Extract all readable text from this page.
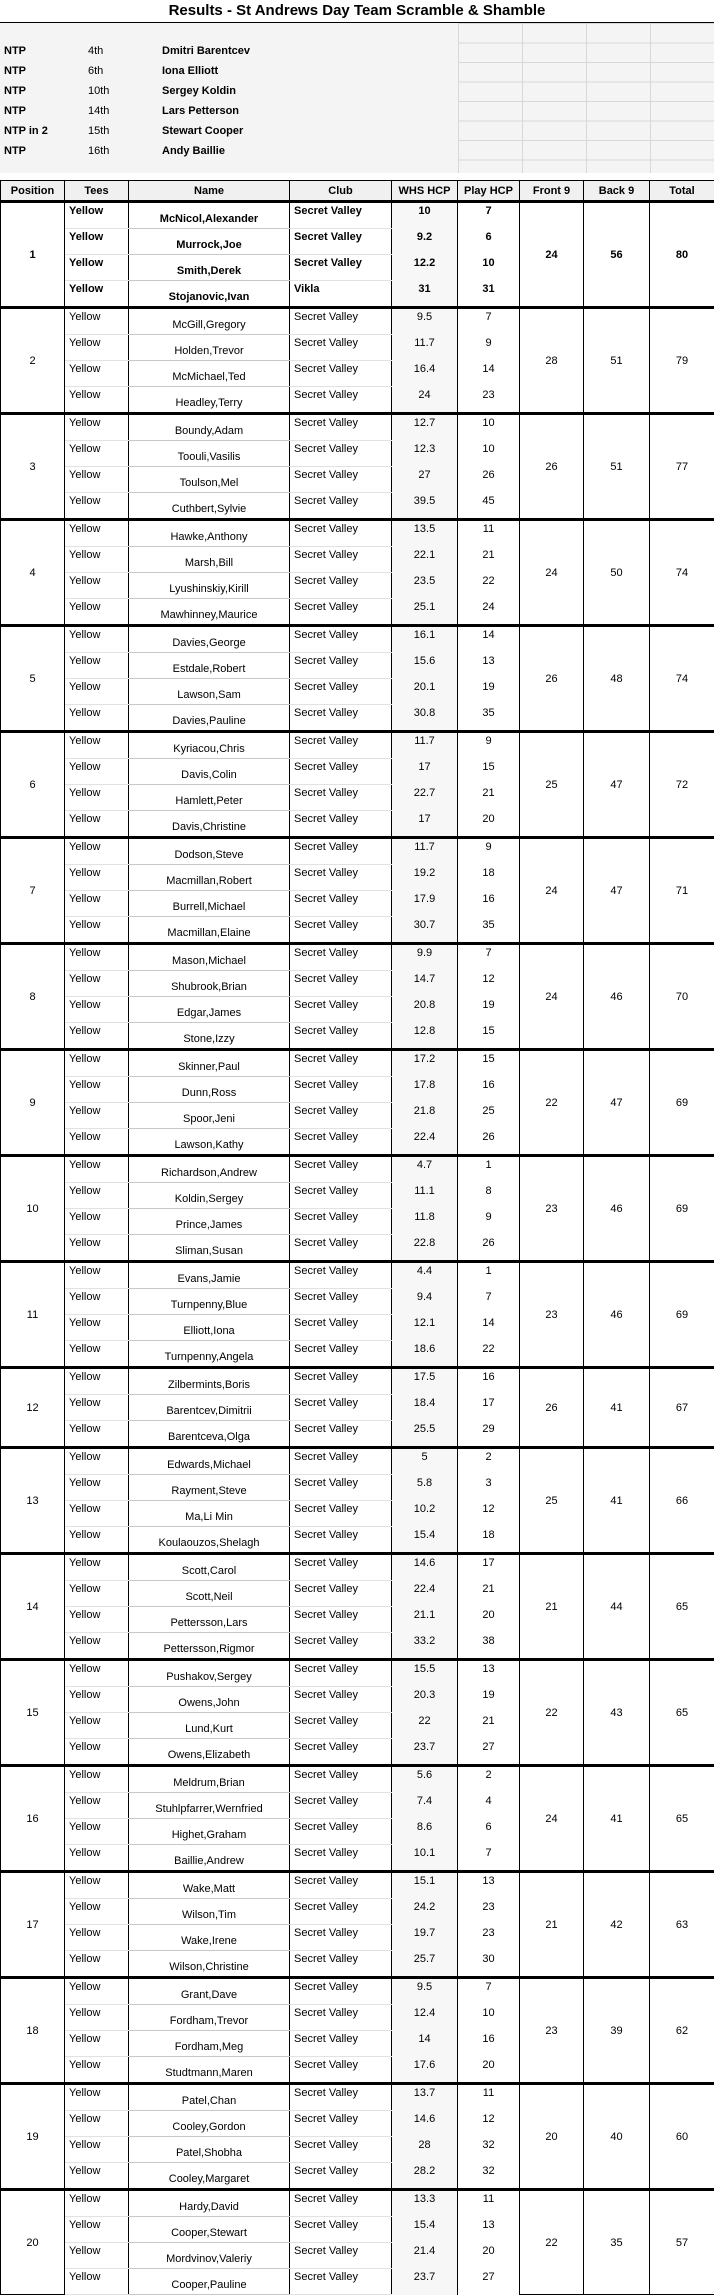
Results - St Andrews Day Team Scramble & Shamble
NTP	4th	Dmitri Barentcev
NTP	6th	Iona Elliott
NTP	10th	Sergey Koldin
NTP	14th	Lars Petterson
NTP in 2	15th	Stewart Cooper
NTP	16th	Andy Baillie
Position	Tees	Name	Club	WHS HCP	Play HCP	Front 9	Back 9	Total
1	Yellow	McNicol,Alexander	Secret Valley	10	7	24	56	80
	Yellow	Murrock,Joe	Secret Valley	9.2	6			
	Yellow	Smith,Derek	Secret Valley	12.2	10			
	Yellow	Stojanovic,Ivan	Vikla	31	31			
2	Yellow	McGill,Gregory	Secret Valley	9.5	7	28	51	79
	Yellow	Holden,Trevor	Secret Valley	11.7	9			
	Yellow	McMichael,Ted	Secret Valley	16.4	14			
	Yellow	Headley,Terry	Secret Valley	24	23			
3	Yellow	Boundy,Adam	Secret Valley	12.7	10	26	51	77
	Yellow	Toouli,Vasilis	Secret Valley	12.3	10			
	Yellow	Toulson,Mel	Secret Valley	27	26			
	Yellow	Cuthbert,Sylvie	Secret Valley	39.5	45			
4	Yellow	Hawke,Anthony	Secret Valley	13.5	11	24	50	74
	Yellow	Marsh,Bill	Secret Valley	22.1	21			
	Yellow	Lyushinskiy,Kirill	Secret Valley	23.5	22			
	Yellow	Mawhinney,Maurice	Secret Valley	25.1	24			
5	Yellow	Davies,George	Secret Valley	16.1	14	26	48	74
	Yellow	Estdale,Robert	Secret Valley	15.6	13			
	Yellow	Lawson,Sam	Secret Valley	20.1	19			
	Yellow	Davies,Pauline	Secret Valley	30.8	35			
6	Yellow	Kyriacou,Chris	Secret Valley	11.7	9	25	47	72
	Yellow	Davis,Colin	Secret Valley	17	15			
	Yellow	Hamlett,Peter	Secret Valley	22.7	21			
	Yellow	Davis,Christine	Secret Valley	17	20			
7	Yellow	Dodson,Steve	Secret Valley	11.7	9	24	47	71
	Yellow	Macmillan,Robert	Secret Valley	19.2	18			
	Yellow	Burrell,Michael	Secret Valley	17.9	16			
	Yellow	Macmillan,Elaine	Secret Valley	30.7	35			
8	Yellow	Mason,Michael	Secret Valley	9.9	7	24	46	70
	Yellow	Shubrook,Brian	Secret Valley	14.7	12			
	Yellow	Edgar,James	Secret Valley	20.8	19			
	Yellow	Stone,Izzy	Secret Valley	12.8	15			
9	Yellow	Skinner,Paul	Secret Valley	17.2	15	22	47	69
	Yellow	Dunn,Ross	Secret Valley	17.8	16			
	Yellow	Spoor,Jeni	Secret Valley	21.8	25			
	Yellow	Lawson,Kathy	Secret Valley	22.4	26			
10	Yellow	Richardson,Andrew	Secret Valley	4.7	1	23	46	69
	Yellow	Koldin,Sergey	Secret Valley	11.1	8			
	Yellow	Prince,James	Secret Valley	11.8	9			
	Yellow	Sliman,Susan	Secret Valley	22.8	26			
11	Yellow	Evans,Jamie	Secret Valley	4.4	1	23	46	69
	Yellow	Turnpenny,Blue	Secret Valley	9.4	7			
	Yellow	Elliott,Iona	Secret Valley	12.1	14			
	Yellow	Turnpenny,Angela	Secret Valley	18.6	22			
12	Yellow	Zilbermints,Boris	Secret Valley	17.5	16	26	41	67
	Yellow	Barentcev,Dimitrii	Secret Valley	18.4	17			
	Yellow	Barentceva,Olga	Secret Valley	25.5	29			
13	Yellow	Edwards,Michael	Secret Valley	5	2	25	41	66
	Yellow	Rayment,Steve	Secret Valley	5.8	3			
	Yellow	Ma,Li Min	Secret Valley	10.2	12			
	Yellow	Koulaouzos,Shelagh	Secret Valley	15.4	18			
14	Yellow	Scott,Carol	Secret Valley	14.6	17	21	44	65
	Yellow	Scott,Neil	Secret Valley	22.4	21			
	Yellow	Pettersson,Lars	Secret Valley	21.1	20			
	Yellow	Pettersson,Rigmor	Secret Valley	33.2	38			
15	Yellow	Pushakov,Sergey	Secret Valley	15.5	13	22	43	65
	Yellow	Owens,John	Secret Valley	20.3	19			
	Yellow	Lund,Kurt	Secret Valley	22	21			
	Yellow	Owens,Elizabeth	Secret Valley	23.7	27			
16	Yellow	Meldrum,Brian	Secret Valley	5.6	2	24	41	65
	Yellow	Stuhlpfarrer,Wernfried	Secret Valley	7.4	4			
	Yellow	Highet,Graham	Secret Valley	8.6	6			
	Yellow	Baillie,Andrew	Secret Valley	10.1	7			
17	Yellow	Wake,Matt	Secret Valley	15.1	13	21	42	63
	Yellow	Wilson,Tim	Secret Valley	24.2	23			
	Yellow	Wake,Irene	Secret Valley	19.7	23			
	Yellow	Wilson,Christine	Secret Valley	25.7	30			
18	Yellow	Grant,Dave	Secret Valley	9.5	7	23	39	62
	Yellow	Fordham,Trevor	Secret Valley	12.4	10			
	Yellow	Fordham,Meg	Secret Valley	14	16			
	Yellow	Studtmann,Maren	Secret Valley	17.6	20			
19	Yellow	Patel,Chan	Secret Valley	13.7	11	20	40	60
	Yellow	Cooley,Gordon	Secret Valley	14.6	12			
	Yellow	Patel,Shobha	Secret Valley	28	32			
	Yellow	Cooley,Margaret	Secret Valley	28.2	32			
20	Yellow	Hardy,David	Secret Valley	13.3	11	22	35	57
	Yellow	Cooper,Stewart	Secret Valley	15.4	13			
	Yellow	Mordvinov,Valeriy	Secret Valley	21.4	20			
	Yellow	Cooper,Pauline	Secret Valley	23.7	27			
